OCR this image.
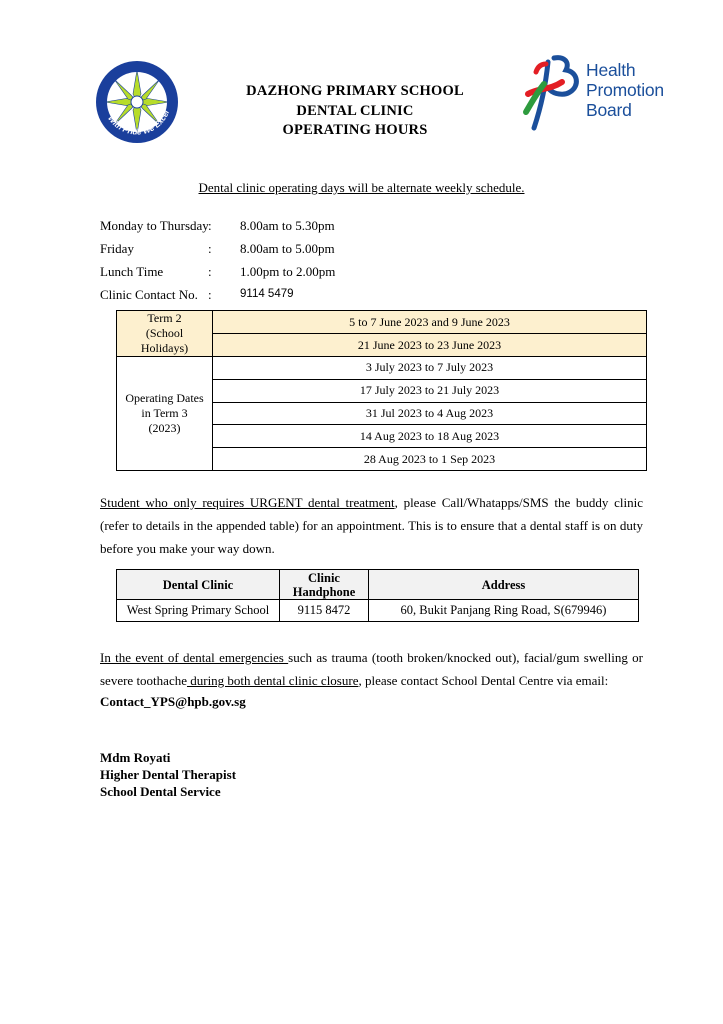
With Pride We Excel
DAZHONG PRIMARY SCHOOL
DENTAL CLINIC
OPERATING HOURS
Health
Promotion
Board
Dental clinic operating days will be alternate weekly schedule.
Monday to Thursday : 8.00am to 5.30pm
Friday	: 8.00am to 5.00pm
Lunch Time	: 1.00pm to 2.00pm
Clinic Contact No. : 9114 5479
Term 2
(School
Holidays)	5 to 7 June 2023 and 9 June 2023
	21 June 2023 to 23 June 2023

Operating Dates
in Term 3
(2023)	3 July 2023 to 7 July 2023
	17 July 2023 to 21 July 2023
	31 Jul 2023 to 4 Aug 2023
	14 Aug 2023 to 18 Aug 2023
	28 Aug 2023 to 1 Sep 2023
Student who only requires URGENT dental treatment, please Call/Whatapps/SMS the buddy clinic (refer to details in the appended table) for an appointment. This is to ensure that a dental staff is on duty before you make your way down.
Dental Clinic	Clinic Handphone	Address
West Spring Primary School	9115 8472	60, Bukit Panjang Ring Road, S(679946)
In the event of dental emergencies such as trauma (tooth broken/knocked out), facial/gum swelling or severe toothache during both dental clinic closure, please contact School Dental Centre via email:
Contact_YPS@hpb.gov.sg
Mdm Royati
Higher Dental Therapist
School Dental Service
